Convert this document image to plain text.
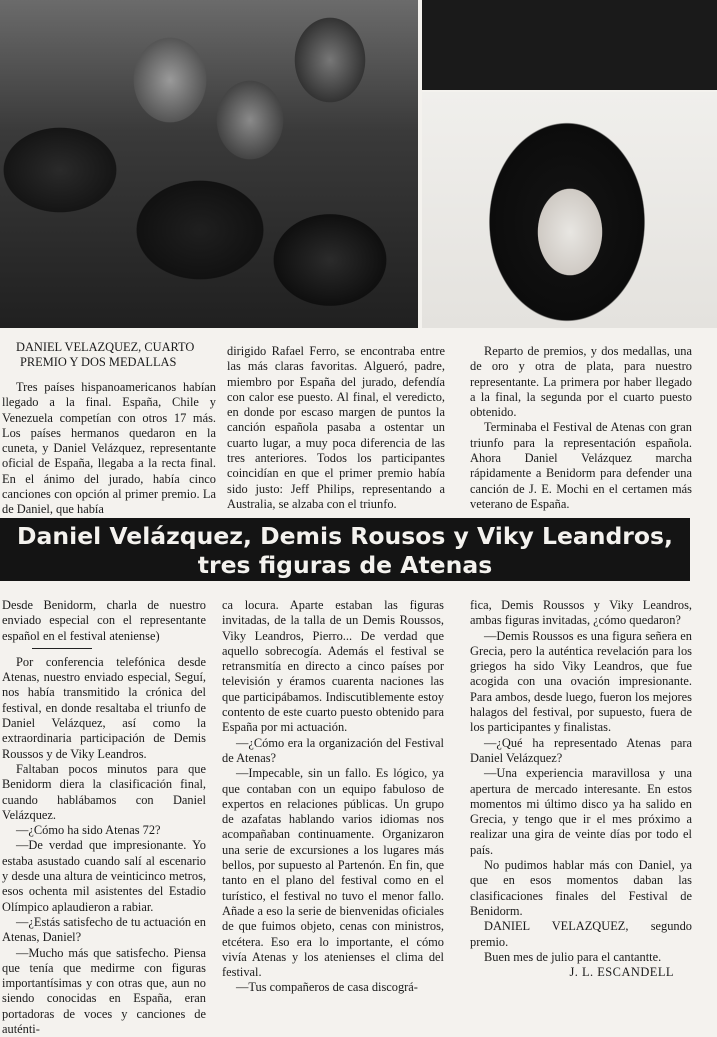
DANIEL VELAZQUEZ, CUARTO

PREMIO Y DOS MEDALLAS

Tres países hispanoamericanos habían llegado a la final. España, Chile y Venezuela competían con otros 17 más. Los países hermanos quedaron en la cuneta, y Daniel Velázquez, representante oficial de España, llegaba a la recta final. En el ánimo del jurado, había cinco canciones con opción al primer premio. La de Daniel, que había

dirigido Rafael Ferro, se encontraba entre las más claras favoritas. Algueró, padre, miembro por España del jurado, defendía con calor ese puesto. Al final, el veredicto, en donde por escaso margen de puntos la canción española pasaba a ostentar un cuarto lugar, a muy poca diferencia de las tres anteriores. Todos los participantes coincidían en que el primer premio había sido justo: Jeff Philips, representando a Australia, se alzaba con el triunfo.

Reparto de premios, y dos medallas, una de oro y otra de plata, para nuestro representante. La primera por haber llegado a la final, la segunda por el cuarto puesto obtenido.

Terminaba el Festival de Atenas con gran triunfo para la representación española. Ahora Daniel Velázquez marcha rápidamente a Benidorm para defender una canción de J. E. Mochi en el certamen más veterano de España.

Daniel Velázquez, Demis Rousos y Viky Leandros,
tres figuras de Atenas

Desde Benidorm, charla de nuestro enviado especial con el representante español en el festival ateniense)

Por conferencia telefónica desde Atenas, nuestro enviado especial, Seguí, nos había transmitido la crónica del festival, en donde resaltaba el triunfo de Daniel Velázquez, así como la extraordinaria participación de Demis Roussos y de Viky Leandros.

Faltaban pocos minutos para que Benidorm diera la clasificación final, cuando hablábamos con Daniel Velázquez.

—¿Cómo ha sido Atenas 72?

—De verdad que impresionante. Yo estaba asustado cuando salí al escenario y desde una altura de veinticinco metros, esos ochenta mil asistentes del Estadio Olímpico aplaudieron a rabiar.

—¿Estás satisfecho de tu actuación en Atenas, Daniel?

—Mucho más que satisfecho. Piensa que tenía que medirme con figuras importantísimas y con otras que, aun no siendo conocidas en España, eran portadoras de voces y canciones de auténti-

ca locura. Aparte estaban las figuras invitadas, de la talla de un Demis Roussos, Viky Leandros, Pierro... De verdad que aquello sobrecogía. Además el festival se retransmitía en directo a cinco países por televisión y éramos cuarenta naciones las que participábamos. Indiscutiblemente estoy contento de este cuarto puesto obtenido para España por mi actuación.

—¿Cómo era la organización del Festival de Atenas?

—Impecable, sin un fallo. Es lógico, ya que contaban con un equipo fabuloso de expertos en relaciones públicas. Un grupo de azafatas hablando varios idiomas nos acompañaban continuamente. Organizaron una serie de excursiones a los lugares más bellos, por supuesto al Partenón. En fin, que tanto en el plano del festival como en el turístico, el festival no tuvo el menor fallo. Añade a eso la serie de bienvenidas oficiales de que fuimos objeto, cenas con ministros, etcétera. Eso era lo importante, el cómo vivía Atenas y los atenienses el clima del festival.

—Tus compañeros de casa discográ-

fica, Demis Roussos y Viky Leandros, ambas figuras invitadas, ¿cómo quedaron?

—Demis Roussos es una figura señera en Grecia, pero la auténtica revelación para los griegos ha sido Viky Leandros, que fue acogida con una ovación impresionante. Para ambos, desde luego, fueron los mejores halagos del festival, por supuesto, fuera de los participantes y finalistas.

—¿Qué ha representado Atenas para Daniel Velázquez?

—Una experiencia maravillosa y una apertura de mercado interesante. En estos momentos mi último disco ya ha salido en Grecia, y tengo que ir el mes próximo a realizar una gira de veinte días por todo el país.

No pudimos hablar más con Daniel, ya que en esos momentos daban las clasificaciones finales del Festival de Benidorm.

DANIEL VELAZQUEZ, segundo premio.

Buen mes de julio para el cantantte.

J. L. ESCANDELL
